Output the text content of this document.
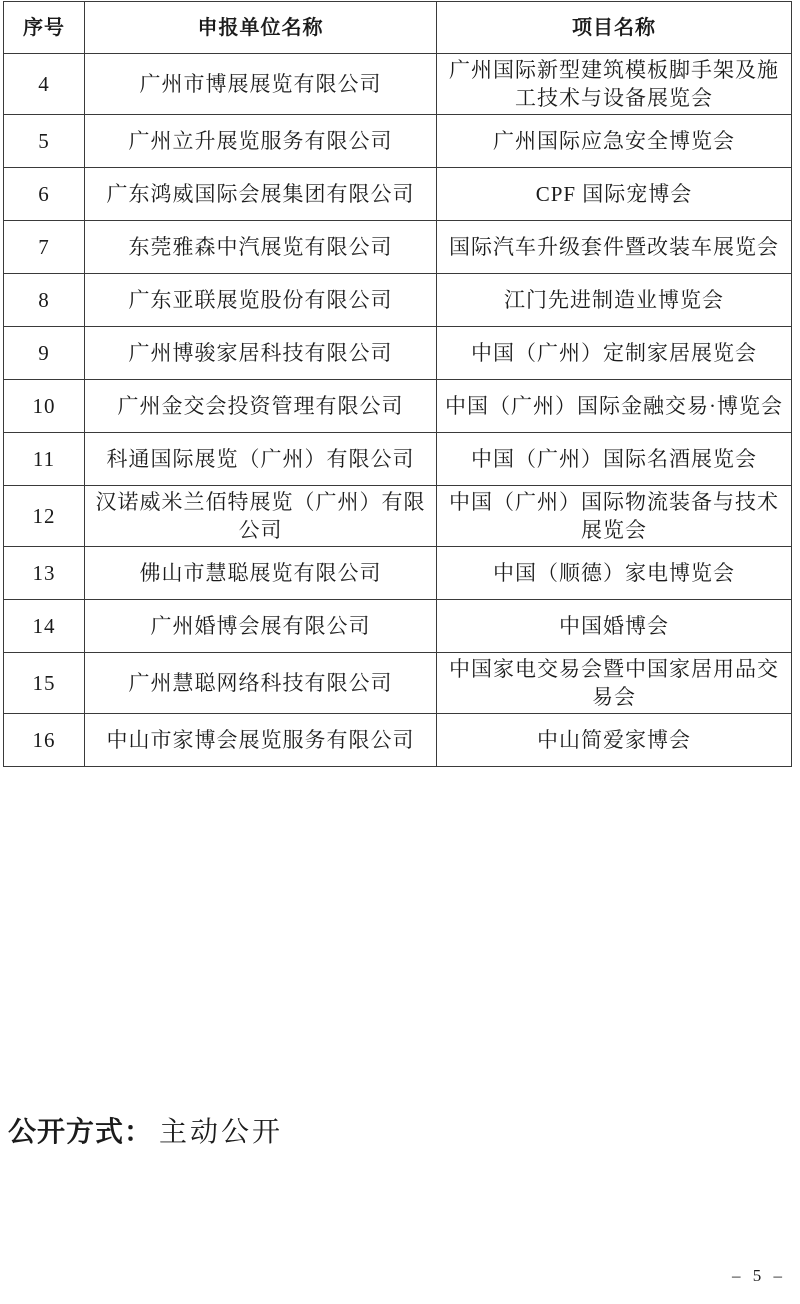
序号	申报单位名称	项目名称
4	广州市博展展览有限公司	广州国际新型建筑模板脚手架及施工技术与设备展览会
5	广州立升展览服务有限公司	广州国际应急安全博览会
6	广东鸿威国际会展集团有限公司	CPF 国际宠博会
7	东莞雅森中汽展览有限公司	国际汽车升级套件暨改装车展览会
8	广东亚联展览股份有限公司	江门先进制造业博览会
9	广州博骏家居科技有限公司	中国（广州）定制家居展览会
10	广州金交会投资管理有限公司	中国（广州）国际金融交易·博览会
11	科通国际展览（广州）有限公司	中国（广州）国际名酒展览会
12	汉诺威米兰佰特展览（广州）有限公司	中国（广州）国际物流装备与技术展览会
13	佛山市慧聪展览有限公司	中国（顺德）家电博览会
14	广州婚博会展有限公司	中国婚博会
15	广州慧聪网络科技有限公司	中国家电交易会暨中国家居用品交易会
16	中山市家博会展览服务有限公司	中山简爱家博会
公开方式： 主动公开
– 5 –
